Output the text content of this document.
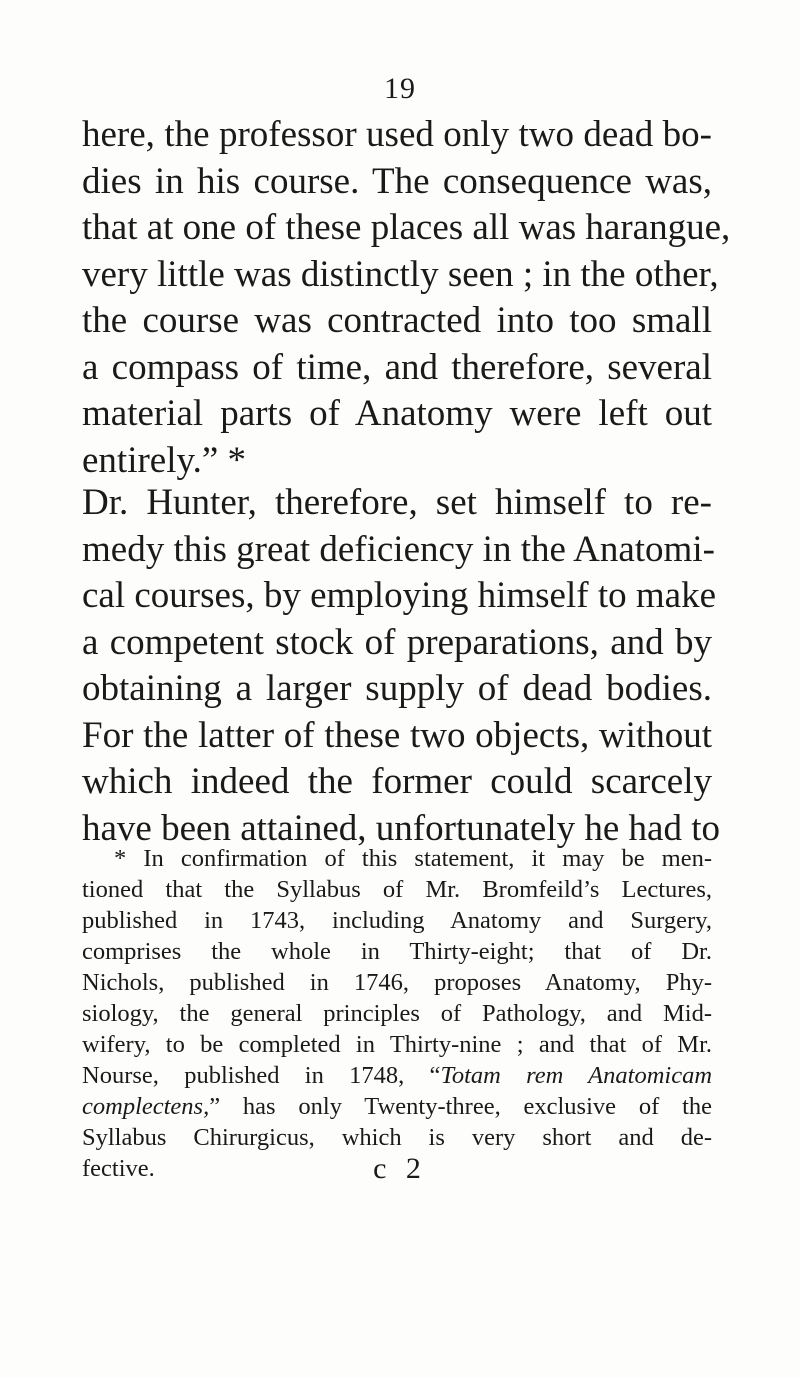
19
here, the professor used only two dead bo-
dies in his course. The consequence was,
that at one of these places all was harangue,
very little was distinctly seen ; in the other,
the course was contracted into too small
a compass of time, and therefore, several
material parts of Anatomy were left out
entirely.” *
Dr. Hunter, therefore, set himself to re-
medy this great deficiency in the Anatomi-
cal courses, by employing himself to make
a competent stock of preparations, and by
obtaining a larger supply of dead bodies.
For the latter of these two objects, without
which indeed the former could scarcely
have been attained, unfortunately he had to
* In confirmation of this statement, it may be men-
tioned that the Syllabus of Mr. Bromfeild’s Lectures,
published in 1743, including Anatomy and Surgery,
comprises the whole in Thirty-eight; that of Dr.
Nichols, published in 1746, proposes Anatomy, Phy-
siology, the general principles of Pathology, and Mid-
wifery, to be completed in Thirty-nine ; and that of Mr.
Nourse, published in 1748, “Totam rem Anatomicam
complectens,” has only Twenty-three, exclusive of the
Syllabus Chirurgicus, which is very short and de-
fective.	c 2
